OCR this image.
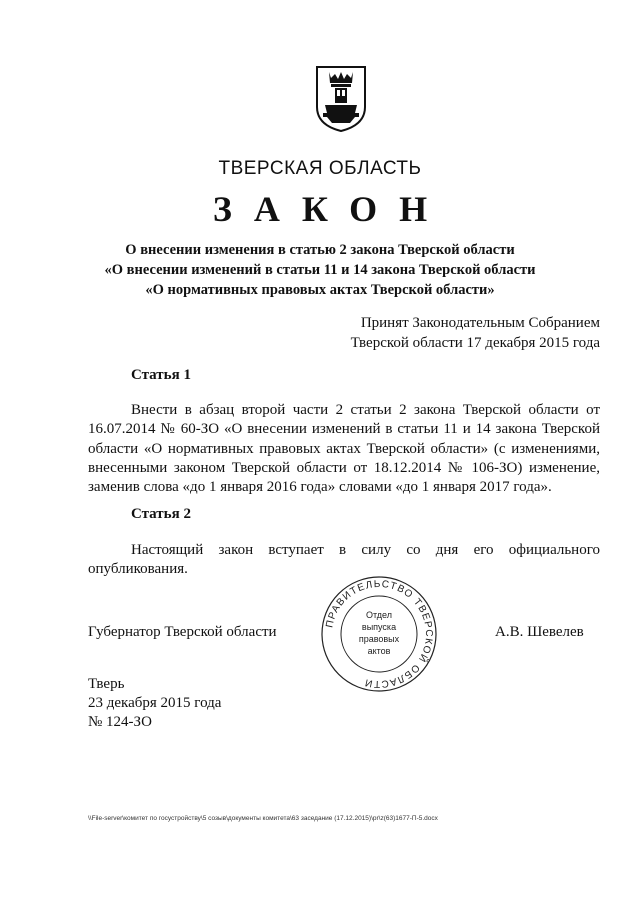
ТВЕРСКАЯ ОБЛАСТЬ
ЗАКОН
О внесении изменения в статью 2 закона Тверской области
«О внесении изменений в статьи 11 и 14 закона Тверской области
«О нормативных правовых актах Тверской области»
Принят Законодательным Собранием
Тверской области 17 декабря 2015 года
Статья 1
Внести в абзац второй части 2 статьи 2 закона Тверской области от 16.07.2014 № 60-ЗО «О внесении изменений в статьи 11 и 14 закона Тверской области «О нормативных правовых актах Тверской области» (с изменениями, внесенными законом Тверской области от 18.12.2014 № 106-ЗО) изменение, заменив слова «до 1 января 2016 года» словами «до 1 января 2017 года».
Статья 2
Настоящий закон вступает в силу со дня его официального опубликования.
Губернатор Тверской области
ПРАВИТЕЛЬСТВО ТВЕРСКОЙ ОБЛАСТИ
Отдел
выпуска
правовых
актов
А.В. Шевелев
Тверь
23 декабря 2015 года
№ 124-ЗО
\\File-server\комитет по госустройству\5 созыв\документы комитета\63 заседание (17.12.2015)\pr\z(63)1677-П-5.docx
